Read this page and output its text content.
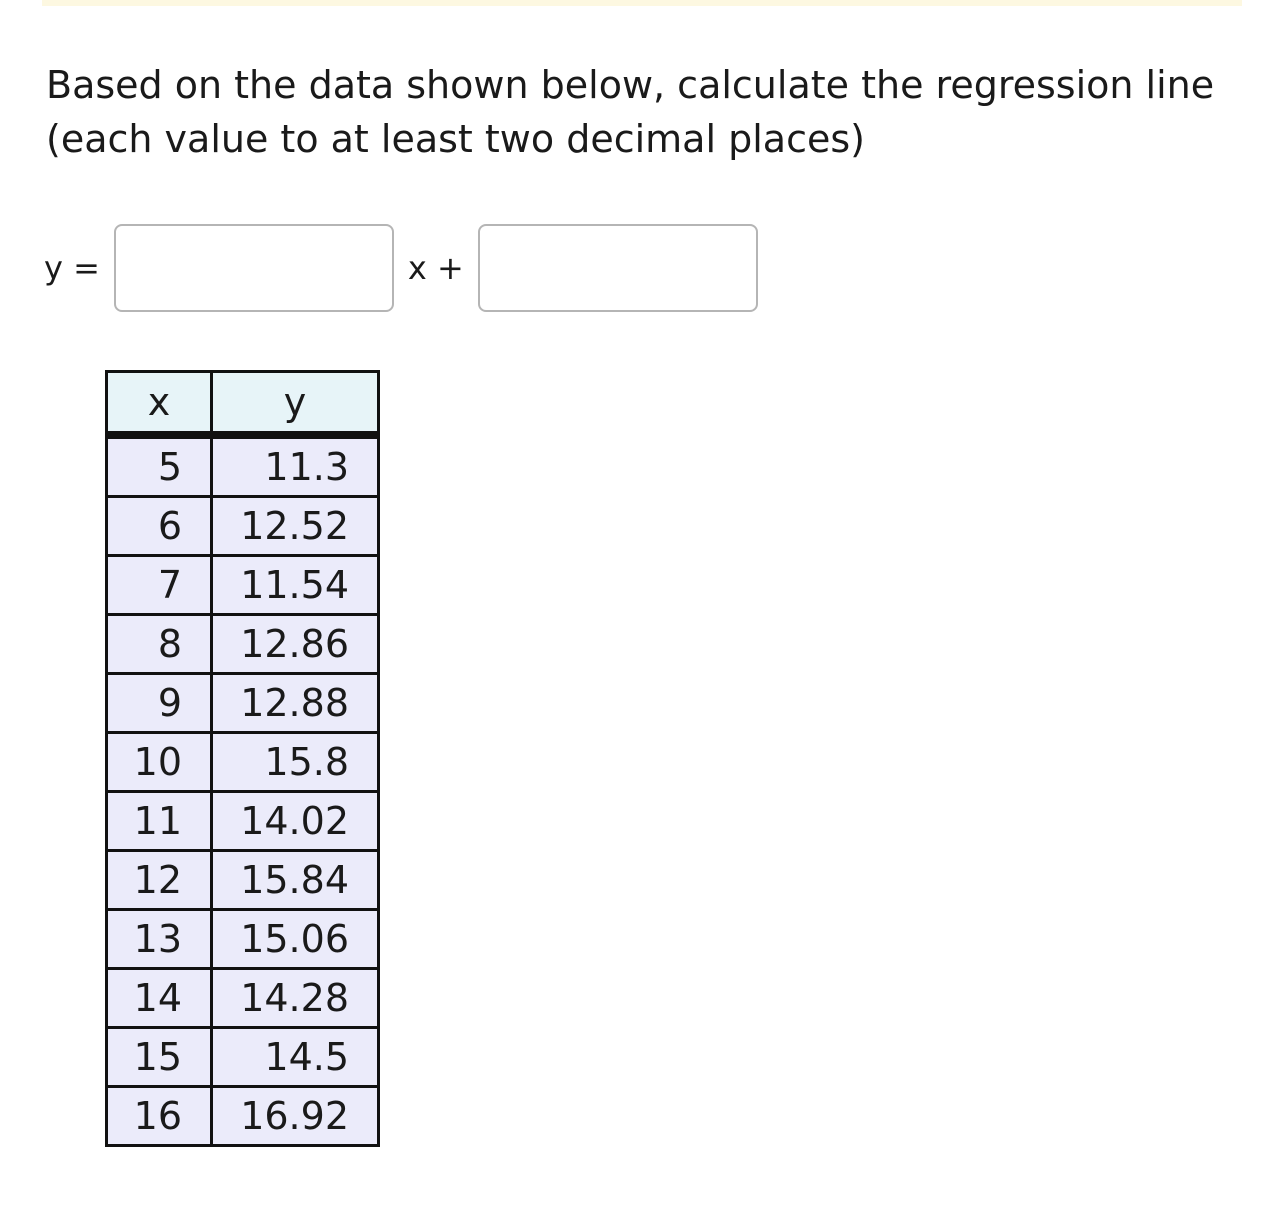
Based on the data shown below, calculate the regression line (each value to at least two decimal places)

y =	x +
x	y
5	11.3
6	12.52
7	11.54
8	12.86
9	12.88
10	15.8
11	14.02
12	15.84
13	15.06
14	14.28
15	14.5
16	16.92
